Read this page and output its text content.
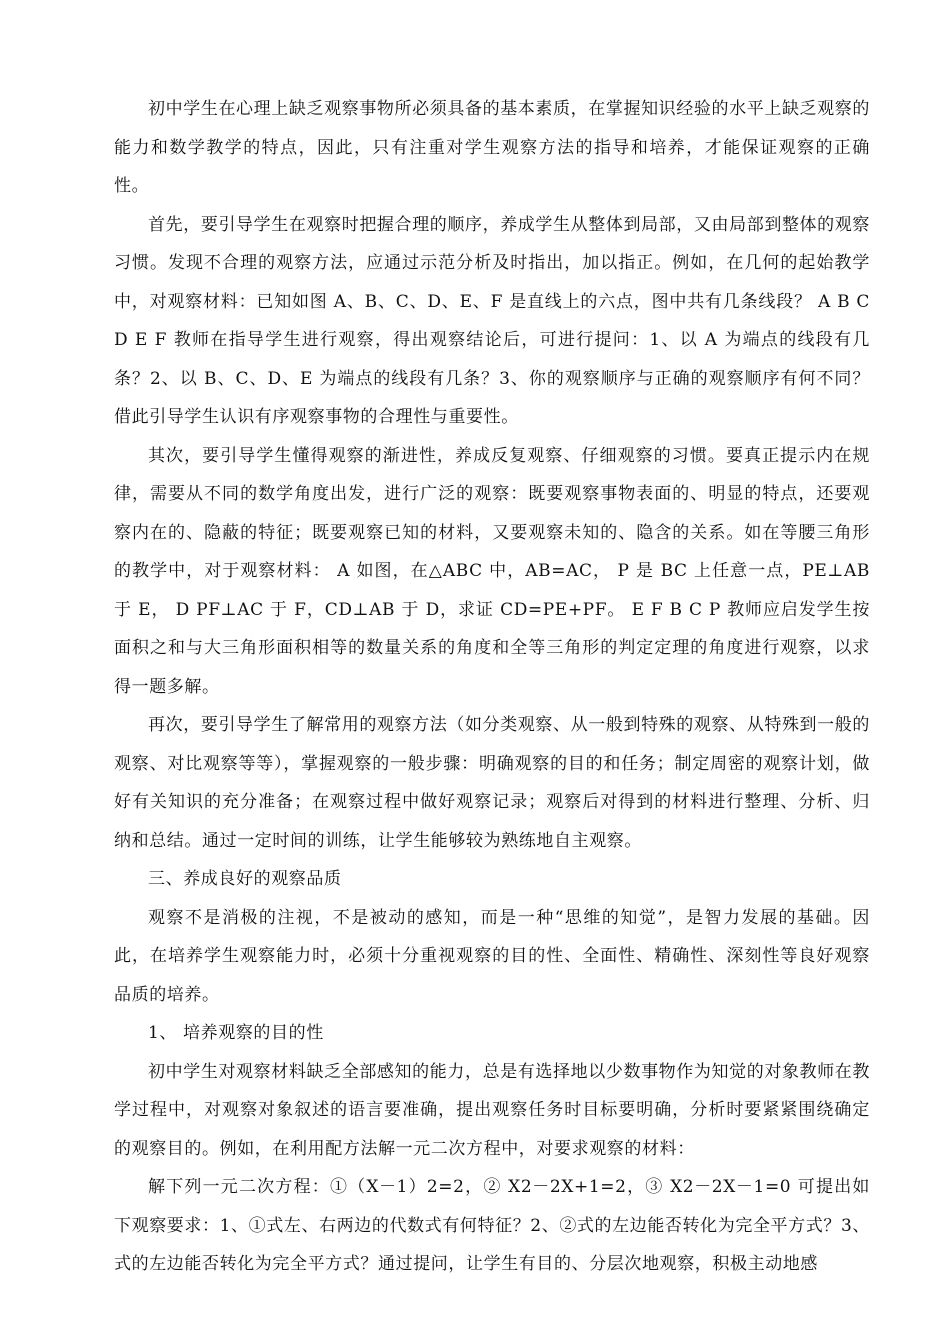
初中学生在心理上缺乏观察事物所必须具备的基本素质，在掌握知识经验的水平上缺乏观察的能力和数学教学的特点，因此，只有注重对学生观察方法的指导和培养，才能保证观察的正确性。

首先，要引导学生在观察时把握合理的顺序，养成学生从整体到局部，又由局部到整体的观察习惯。发现不合理的观察方法，应通过示范分析及时指出，加以指正。例如，在几何的起始教学中，对观察材料：已知如图 A、B、C、D、E、F 是直线上的六点，图中共有几条线段？ A B C D E F 教师在指导学生进行观察，得出观察结论后，可进行提问：1、以 A 为端点的线段有几条？2、以 B、C、D、E 为端点的线段有几条？3、你的观察顺序与正确的观察顺序有何不同？借此引导学生认识有序观察事物的合理性与重要性。

其次，要引导学生懂得观察的渐进性，养成反复观察、仔细观察的习惯。要真正提示内在规律，需要从不同的数学角度出发，进行广泛的观察：既要观察事物表面的、明显的特点，还要观察内在的、隐蔽的特征；既要观察已知的材料，又要观察未知的、隐含的关系。如在等腰三角形的教学中，对于观察材料： A 如图，在△ABC 中，AB=AC， P 是 BC 上任意一点，PE⊥AB 于 E， D PF⊥AC 于 F，CD⊥AB 于 D，求证 CD=PE+PF。 E F B C P 教师应启发学生按面积之和与大三角形面积相等的数量关系的角度和全等三角形的判定定理的角度进行观察，以求得一题多解。

再次，要引导学生了解常用的观察方法（如分类观察、从一般到特殊的观察、从特殊到一般的观察、对比观察等等），掌握观察的一般步骤：明确观察的目的和任务；制定周密的观察计划，做好有关知识的充分准备；在观察过程中做好观察记录；观察后对得到的材料进行整理、分析、归纳和总结。通过一定时间的训练，让学生能够较为熟练地自主观察。

三、养成良好的观察品质

观察不是消极的注视，不是被动的感知，而是一种“思维的知觉”，是智力发展的基础。因此，在培养学生观察能力时，必须十分重视观察的目的性、全面性、精确性、深刻性等良好观察品质的培养。

1、 培养观察的目的性

初中学生对观察材料缺乏全部感知的能力，总是有选择地以少数事物作为知觉的对象教师在教学过程中，对观察对象叙述的语言要准确，提出观察任务时目标要明确，分析时要紧紧围绕确定的观察目的。例如，在利用配方法解一元二次方程中，对要求观察的材料：

解下列一元二次方程：①（X－1）2=2，② X2－2X+1=2，③ X2－2X－1=0 可提出如下观察要求：1、①式左、右两边的代数式有何特征？2、②式的左边能否转化为完全平方式？3、式的左边能否转化为完全平方式？通过提问，让学生有目的、分层次地观察，积极主动地感
